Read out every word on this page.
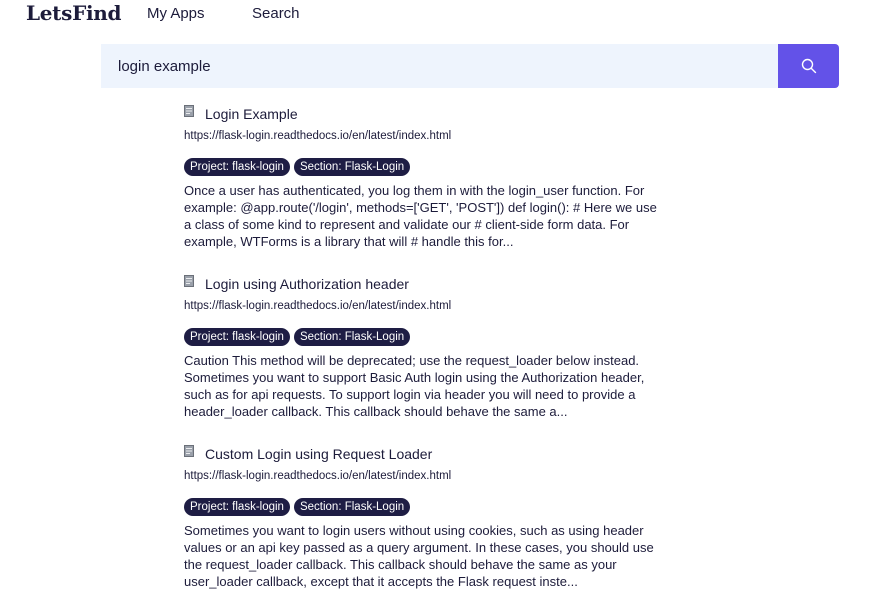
LetsFind My Apps	Search
login example
Login Example
https://flask-login.readthedocs.io/en/latest/index.html
Project: flask-login	Section: Flask-Login
Once a user has authenticated, you log them in with the login_user function. For example: @app.route('/login', methods=['GET', 'POST']) def login(): # Here we use a class of some kind to represent and validate our # client-side form data. For example, WTForms is a library that will # handle this for...
Login using Authorization header
https://flask-login.readthedocs.io/en/latest/index.html
Project: flask-login	Section: Flask-Login
Caution This method will be deprecated; use the request_loader below instead. Sometimes you want to support Basic Auth login using the Authorization header, such as for api requests. To support login via header you will need to provide a header_loader callback. This callback should behave the same a...
Custom Login using Request Loader
https://flask-login.readthedocs.io/en/latest/index.html
Project: flask-login	Section: Flask-Login
Sometimes you want to login users without using cookies, such as using header values or an api key passed as a query argument. In these cases, you should use the request_loader callback. This callback should behave the same as your user_loader callback, except that it accepts the Flask request inste...
